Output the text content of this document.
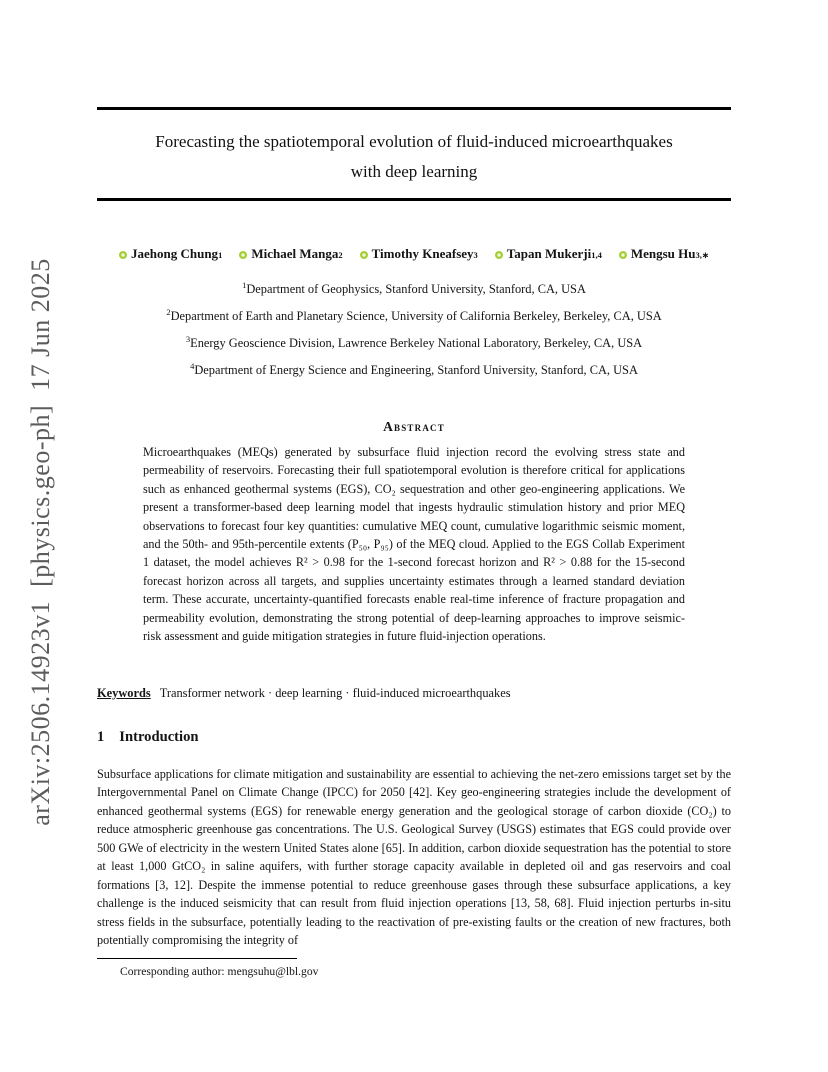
arXiv:2506.14923v1  [physics.geo-ph]  17 Jun 2025
Forecasting the spatiotemporal evolution of fluid-induced microearthquakes
with deep learning
Jaehong Chung 1 Michael Manga 2 Timothy Kneafsey 3 Tapan Mukerji 1,4 Mengsu Hu 3,∗
$^1$Department of Geophysics, Stanford University, Stanford, CA, USA
$^2$Department of Earth and Planetary Science, University of California Berkeley, Berkeley, CA, USA
$^3$Energy Geoscience Division, Lawrence Berkeley National Laboratory, Berkeley, CA, USA
$^4$Department of Energy Science and Engineering, Stanford University, Stanford, CA, USA
Abstract
Microearthquakes (MEQs) generated by subsurface fluid injection record the evolving stress state and permeability of reservoirs. Forecasting their full spatiotemporal evolution is therefore critical for applications such as enhanced geothermal systems (EGS), CO₂ sequestration and other geo-engineering applications. We present a transformer-based deep learning model that ingests hydraulic stimulation history and prior MEQ observations to forecast four key quantities: cumulative MEQ count, cumulative logarithmic seismic moment, and the 50th- and 95th-percentile extents (P₅₀, P₉₅) of the MEQ cloud. Applied to the EGS Collab Experiment 1 dataset, the model achieves R² > 0.98 for the 1-second forecast horizon and R² > 0.88 for the 15-second forecast horizon across all targets, and supplies uncertainty estimates through a learned standard deviation term. These accurate, uncertainty-quantified forecasts enable real-time inference of fracture propagation and permeability evolution, demonstrating the strong potential of deep-learning approaches to improve seismic-risk assessment and guide mitigation strategies in future fluid-injection operations.
Keywords Transformer network · deep learning · fluid-induced microearthquakes
1 Introduction
Subsurface applications for climate mitigation and sustainability are essential to achieving the net-zero emissions target set by the Intergovernmental Panel on Climate Change (IPCC) for 2050 [42]. Key geo-engineering strategies include the development of enhanced geothermal systems (EGS) for renewable energy generation and the geological storage of carbon dioxide (CO₂) to reduce atmospheric greenhouse gas concentrations. The U.S. Geological Survey (USGS) estimates that EGS could provide over 500 GWe of electricity in the western United States alone [65]. In addition, carbon dioxide sequestration has the potential to store at least 1,000 GtCO₂ in saline aquifers, with further storage capacity available in depleted oil and gas reservoirs and coal formations [3, 12]. Despite the immense potential to reduce greenhouse gases through these subsurface applications, a key challenge is the induced seismicity that can result from fluid injection operations [13, 58, 68]. Fluid injection perturbs in-situ stress fields in the subsurface, potentially leading to the reactivation of pre-existing faults or the creation of new fractures, both potentially compromising the integrity of
Corresponding author: mengsuhu@lbl.gov
